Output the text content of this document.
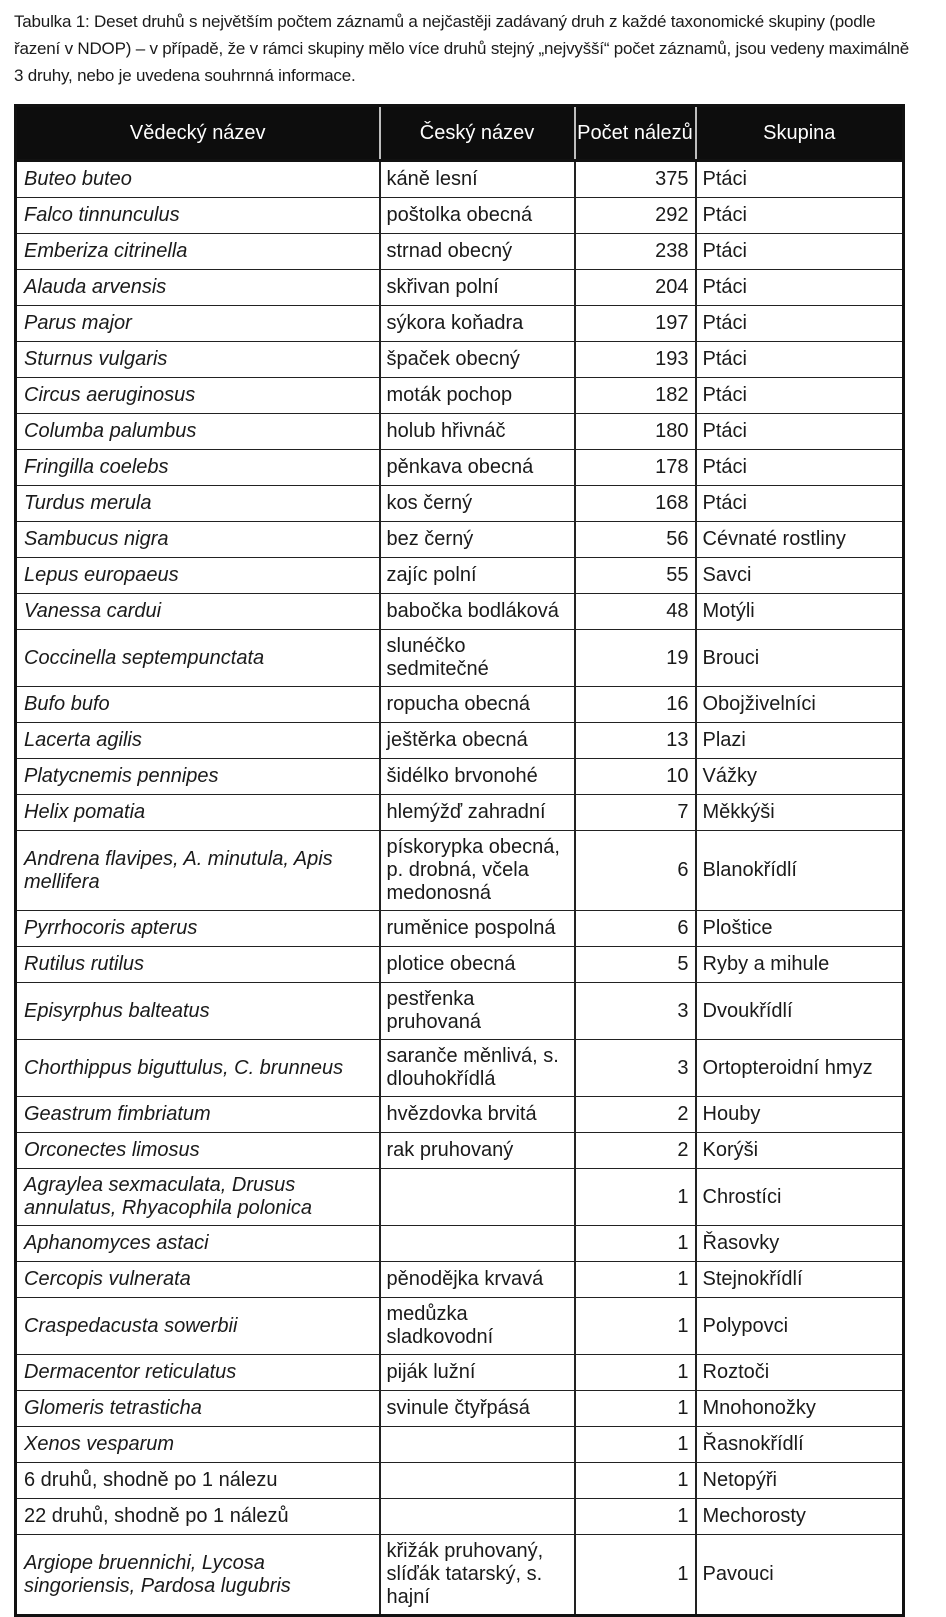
Tabulka 1: Deset druhů s největším počtem záznamů a nejčastěji zadávaný druh z každé taxonomické skupiny (podle řazení v NDOP) – v případě, že v rámci skupiny mělo více druhů stejný „nejvyšší“ počet záznamů, jsou vedeny maximálně 3 druhy, nebo je uvedena souhrnná informace.
Vědecký název	Český název	Počet nálezů	Skupina
Buteo buteo	káně lesní	375	Ptáci
Falco tinnunculus	poštolka obecná	292	Ptáci
Emberiza citrinella	strnad obecný	238	Ptáci
Alauda arvensis	skřivan polní	204	Ptáci
Parus major	sýkora koňadra	197	Ptáci
Sturnus vulgaris	špaček obecný	193	Ptáci
Circus aeruginosus	moták pochop	182	Ptáci
Columba palumbus	holub hřivnáč	180	Ptáci
Fringilla coelebs	pěnkava obecná	178	Ptáci
Turdus merula	kos černý	168	Ptáci
Sambucus nigra	bez černý	56	Cévnaté rostliny
Lepus europaeus	zajíc polní	55	Savci
Vanessa cardui	babočka bodláková	48	Motýli
Coccinella septempunctata	slunéčko sedmitečné	19	Brouci
Bufo bufo	ropucha obecná	16	Obojživelníci
Lacerta agilis	ještěrka obecná	13	Plazi
Platycnemis pennipes	šidélko brvonohé	10	Vážky
Helix pomatia	hlemýžď zahradní	7	Měkkýši
Andrena flavipes, A. minutula, Apis mellifera	pískorypka obecná, p. drobná, včela medonosná	6	Blanokřídlí
Pyrrhocoris apterus	ruměnice pospolná	6	Ploštice
Rutilus rutilus	plotice obecná	5	Ryby a mihule
Episyrphus balteatus	pestřenka pruhovaná	3	Dvoukřídlí
Chorthippus biguttulus, C. brunneus	saranče měnlivá, s. dlouhokřídlá	3	Ortopteroidní hmyz
Geastrum fimbriatum	hvězdovka brvitá	2	Houby
Orconectes limosus	rak pruhovaný	2	Korýši
Agraylea sexmaculata, Drusus annulatus, Rhyacophila polonica		1	Chrostíci
Aphanomyces astaci		1	Řasovky
Cercopis vulnerata	pěnodějka krvavá	1	Stejnokřídlí
Craspedacusta sowerbii	medůzka sladkovodní	1	Polypovci
Dermacentor reticulatus	piják lužní	1	Roztoči
Glomeris tetrasticha	svinule čtyřpásá	1	Mnohonožky
Xenos vesparum		1	Řasnokřídlí
6 druhů, shodně po 1 nálezu		1	Netopýři
22 druhů, shodně po 1 nálezů		1	Mechorosty
Argiope bruennichi, Lycosa singoriensis, Pardosa lugubris	křižák pruhovaný, slíďák tatarský, s. hajní	1	Pavouci
